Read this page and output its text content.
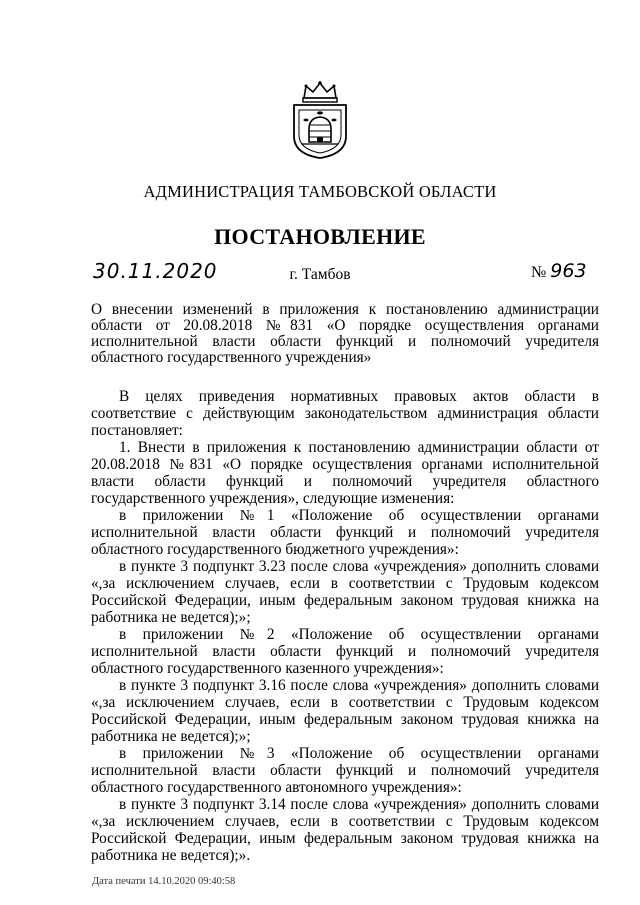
АДМИНИСТРАЦИЯ ТАМБОВСКОЙ ОБЛАСТИ
ПОСТАНОВЛЕНИЕ
30.11.2020	г. Тамбов	№ 963

О внесении изменений в приложения к постановлению администрации области от 20.08.2018 №831 «О порядке осуществления органами исполнительной власти области функций и полномочий учредителя областного государственного учреждения»

В целях приведения нормативных правовых актов области в соответствие с действующим законодательством администрация области постановляет:

1. Внести в приложения к постановлению администрации области от 20.08.2018 №831 «О порядке осуществления органами исполнительной власти области функций и полномочий учредителя областного государственного учреждения», следующие изменения:

в приложении №1 «Положение об осуществлении органами исполнительной власти области функций и полномочий учредителя областного государственного бюджетного учреждения»:

в пункте 3 подпункт 3.23 после слова «учреждения» дополнить словами «,за исключением случаев, если в соответствии с Трудовым кодексом Российской Федерации, иным федеральным законом трудовая книжка на работника не ведется);»;

в приложении №2 «Положение об осуществлении органами исполнительной власти области функций и полномочий учредителя областного государственного казенного учреждения»:

в пункте 3 подпункт 3.16 после слова «учреждения» дополнить словами «,за исключением случаев, если в соответствии с Трудовым кодексом Российской Федерации, иным федеральным законом трудовая книжка на работника не ведется);»;

в приложении №3 «Положение об осуществлении органами исполнительной власти области функций и полномочий учредителя областного государственного автономного учреждения»:

в пункте 3 подпункт 3.14 после слова «учреждения» дополнить словами «,за исключением случаев, если в соответствии с Трудовым кодексом Российской Федерации, иным федеральным законом трудовая книжка на работника не ведется);».

Дата печати 14.10.2020 09:40:58
